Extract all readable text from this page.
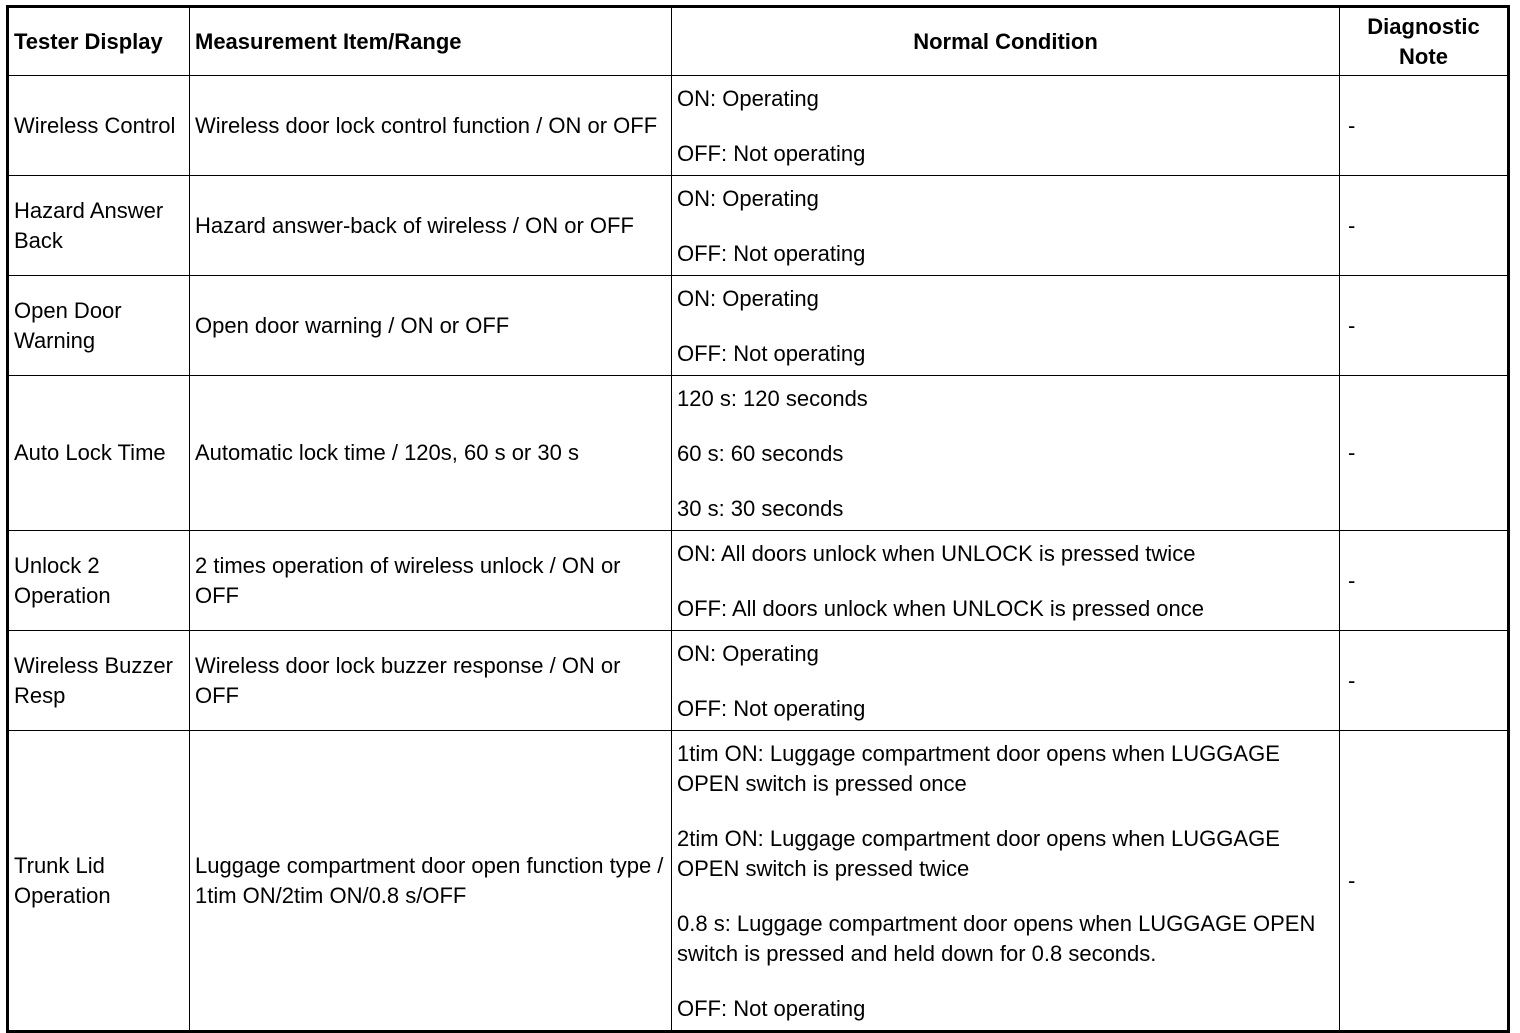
Tester Display	Measurement Item/Range	Normal Condition	Diagnostic
Note
Wireless Control	Wireless door lock control function / ON or OFF	ON: Operating

OFF: Not operating	-
Hazard Answer Back	Hazard answer-back of wireless / ON or OFF	ON: Operating

OFF: Not operating	-
Open Door Warning	Open door warning / ON or OFF	ON: Operating

OFF: Not operating	-
Auto Lock Time	Automatic lock time / 120s, 60 s or 30 s	120 s: 120 seconds

60 s: 60 seconds

30 s: 30 seconds	-
Unlock 2 Operation	2 times operation of wireless unlock / ON or OFF	ON: All doors unlock when UNLOCK is pressed twice

OFF: All doors unlock when UNLOCK is pressed once	-
Wireless Buzzer Resp	Wireless door lock buzzer response / ON or OFF	ON: Operating

OFF: Not operating	-
Trunk Lid Operation	Luggage compartment door open function type / 1tim ON/2tim ON/0.8 s/OFF	1tim ON: Luggage compartment door opens when LUGGAGE OPEN switch is pressed once

2tim ON: Luggage compartment door opens when LUGGAGE OPEN switch is pressed twice

0.8 s: Luggage compartment door opens when LUGGAGE OPEN switch is pressed and held down for 0.8 seconds.

OFF: Not operating	-
